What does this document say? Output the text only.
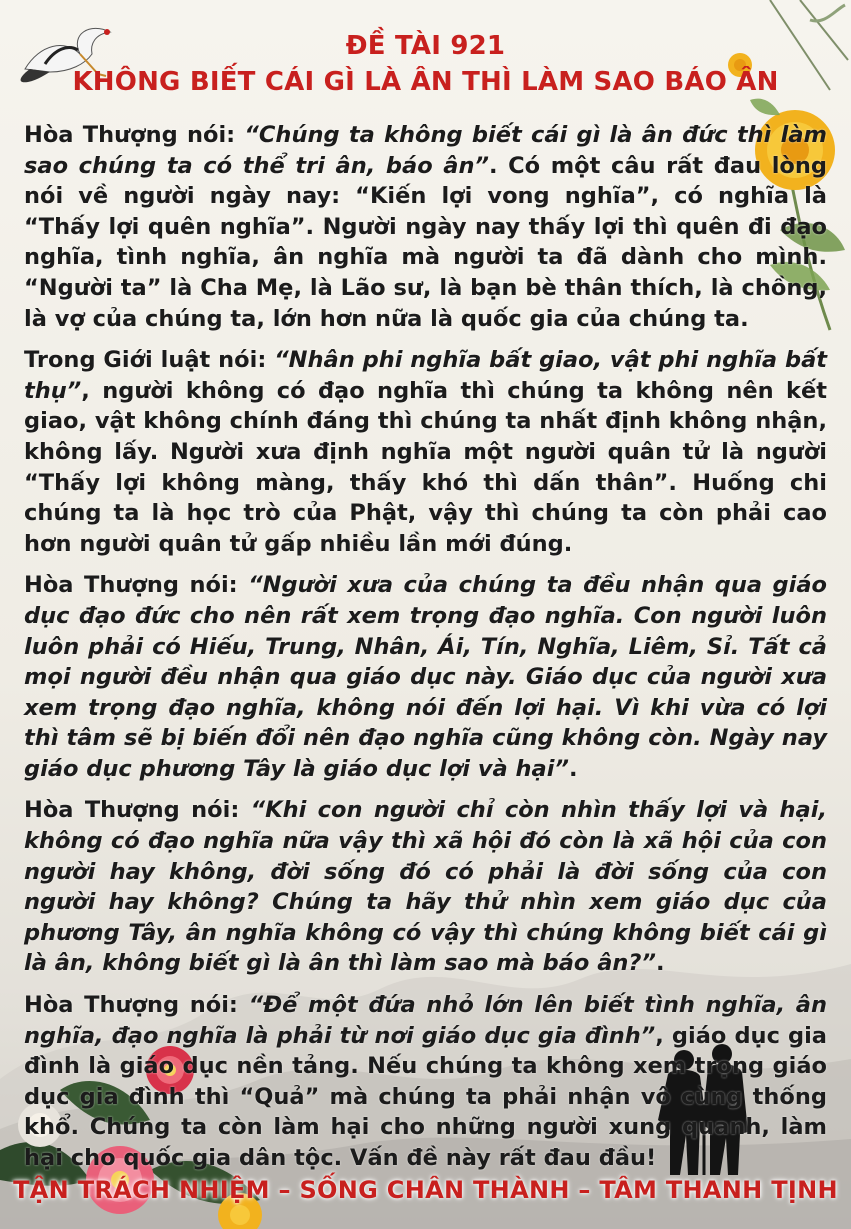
ĐỀ TÀI 921
KHÔNG BIẾT CÁI GÌ LÀ ÂN THÌ LÀM SAO BÁO ÂN

Hòa Thượng nói: “Chúng ta không biết cái gì là ân đức thì làm sao chúng ta có thể tri ân, báo ân”. Có một câu rất đau lòng nói về người ngày nay: “Kiến lợi vong nghĩa”, có nghĩa là “Thấy lợi quên nghĩa”. Người ngày nay thấy lợi thì quên đi đạo nghĩa, tình nghĩa, ân nghĩa mà người ta đã dành cho mình. “Người ta” là Cha Mẹ, là Lão sư, là bạn bè thân thích, là chồng, là vợ của chúng ta, lớn hơn nữa là quốc gia của chúng ta.

Trong Giới luật nói: “Nhân phi nghĩa bất giao, vật phi nghĩa bất thụ”, người không có đạo nghĩa thì chúng ta không nên kết giao, vật không chính đáng thì chúng ta nhất định không nhận, không lấy. Người xưa định nghĩa một người quân tử là người “Thấy lợi không màng, thấy khó thì dấn thân”. Huống chi chúng ta là học trò của Phật, vậy thì chúng ta còn phải cao hơn người quân tử gấp nhiều lần mới đúng.

Hòa Thượng nói: “Người xưa của chúng ta đều nhận qua giáo dục đạo đức cho nên rất xem trọng đạo nghĩa. Con người luôn luôn phải có Hiếu, Trung, Nhân, Ái, Tín, Nghĩa, Liêm, Sỉ. Tất cả mọi người đều nhận qua giáo dục này. Giáo dục của người xưa xem trọng đạo nghĩa, không nói đến lợi hại. Vì khi vừa có lợi thì tâm sẽ bị biến đổi nên đạo nghĩa cũng không còn. Ngày nay giáo dục phương Tây là giáo dục lợi và hại”.

Hòa Thượng nói: “Khi con người chỉ còn nhìn thấy lợi và hại, không có đạo nghĩa nữa vậy thì xã hội đó còn là xã hội của con người hay không, đời sống đó có phải là đời sống của con người hay không? Chúng ta hãy thử nhìn xem giáo dục của phương Tây, ân nghĩa không có vậy thì chúng không biết cái gì là ân, không biết gì là ân thì làm sao mà báo ân?”.

Hòa Thượng nói: “Để một đứa nhỏ lớn lên biết tình nghĩa, ân nghĩa, đạo nghĩa là phải từ nơi giáo dục gia đình”, giáo dục gia đình là giáo dục nền tảng. Nếu chúng ta không xem trọng giáo dục gia đình thì “Quả” mà chúng ta phải nhận vô cùng thống khổ. Chúng ta còn làm hại cho những người xung quanh, làm hại cho quốc gia dân tộc. Vấn đề này rất đau đầu!

TẬN TRÁCH NHIỆM – SỐNG CHÂN THÀNH – TÂM THANH TỊNH
